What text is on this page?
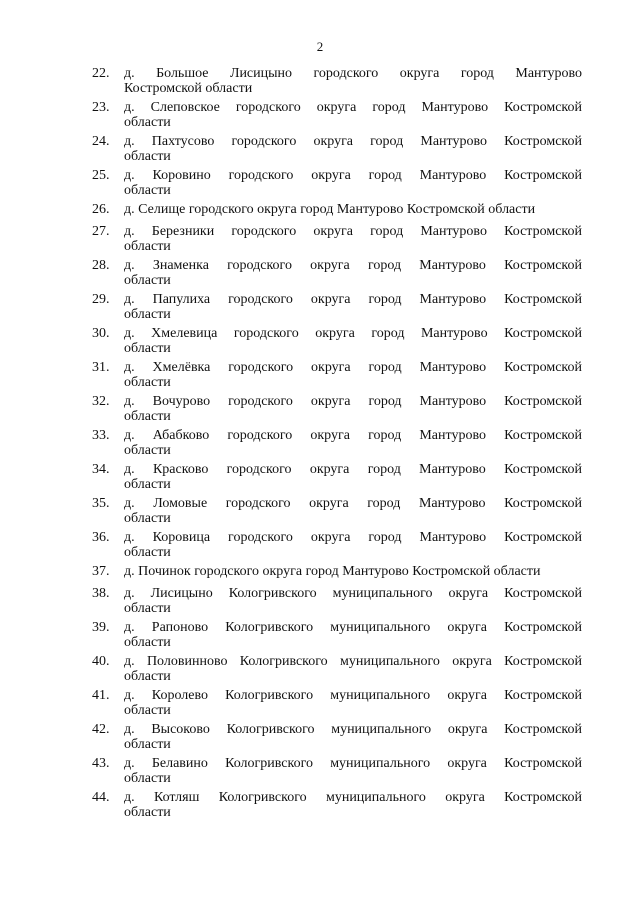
2
22.	д. Большое Лисицыно городского округа город Мантурово
Костромской области
23.	д. Слеповское городского округа город Мантурово Костромской
области
24.	д. Пахтусово городского округа город Мантурово Костромской
области
25.	д. Коровино городского округа город Мантурово Костромской
области
26.	д. Селище городского округа город Мантурово Костромской области
27.	д. Березники городского округа город Мантурово Костромской
области
28.	д. Знаменка городского округа город Мантурово Костромской
области
29.	д. Папулиха городского округа город Мантурово Костромской
области
30.	д. Хмелевица городского округа город Мантурово Костромской
области
31.	д. Хмелёвка городского округа город Мантурово Костромской
области
32.	д. Вочурово городского округа город Мантурово Костромской
области
33.	д. Абабково городского округа город Мантурово Костромской
области
34.	д. Красково городского округа город Мантурово Костромской
области
35.	д. Ломовые городского округа город Мантурово Костромской
области
36.	д. Коровица городского округа город Мантурово Костромской
области
37.	д. Починок городского округа город Мантурово Костромской области
38.	д. Лисицыно Кологривского муниципального округа Костромской
области
39.	д. Рапоново Кологривского муниципального округа Костромской
области
40.	д. Половинново Кологривского муниципального округа Костромской
области
41.	д. Королево Кологривского муниципального округа Костромской
области
42.	д. Высоково Кологривского муниципального округа Костромской
области
43.	д. Белавино Кологривского муниципального округа Костромской
области
44.	д. Котляш Кологривского муниципального округа Костромской
области
